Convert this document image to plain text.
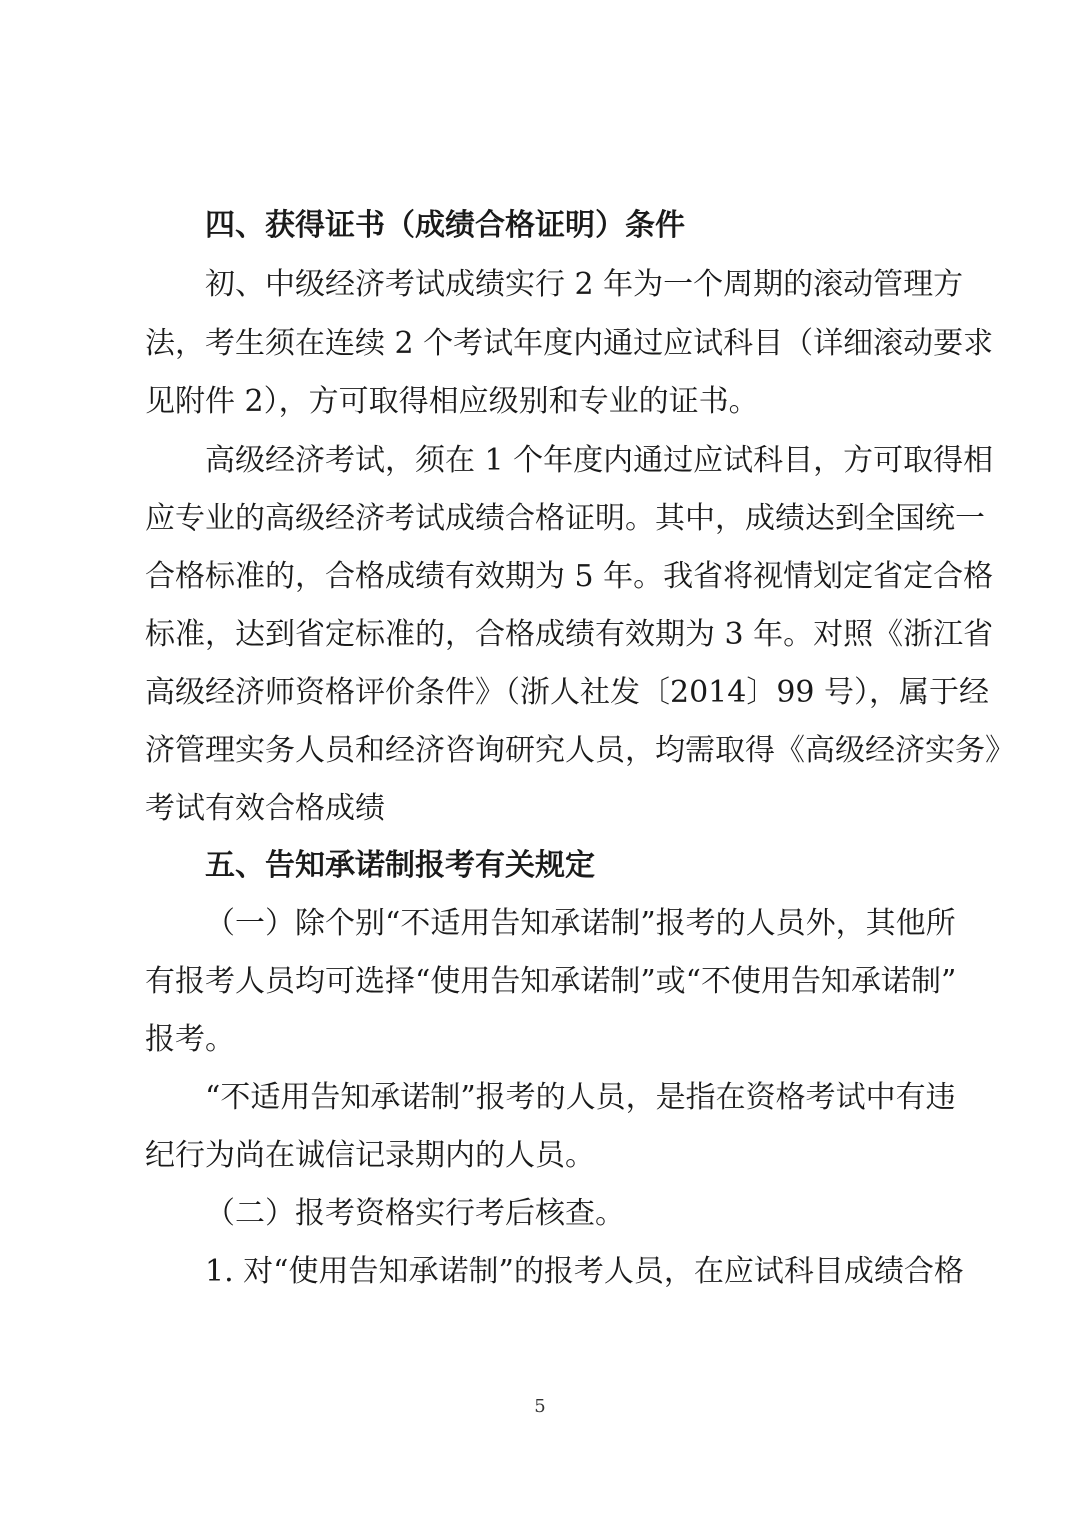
四、获得证书（成绩合格证明）条件
初、中级经济考试成绩实行 2 年为一个周期的滚动管理方
法，考生须在连续 2 个考试年度内通过应试科目（详细滚动要求
见附件 2），方可取得相应级别和专业的证书。
高级经济考试，须在 1 个年度内通过应试科目，方可取得相
应专业的高级经济考试成绩合格证明。其中，成绩达到全国统一
合格标准的，合格成绩有效期为 5 年。我省将视情划定省定合格
标准，达到省定标准的，合格成绩有效期为 3 年。对照《浙江省
高级经济师资格评价条件》（浙人社发〔2014〕99 号），属于经
济管理实务人员和经济咨询研究人员，均需取得《高级经济实务》
考试有效合格成绩
五、告知承诺制报考有关规定
（一）除个别“不适用告知承诺制”报考的人员外，其他所
有报考人员均可选择“使用告知承诺制”或“不使用告知承诺制”
报考。
“不适用告知承诺制”报考的人员，是指在资格考试中有违
纪行为尚在诚信记录期内的人员。
（二）报考资格实行考后核查。
1. 对“使用告知承诺制”的报考人员，在应试科目成绩合格
5
